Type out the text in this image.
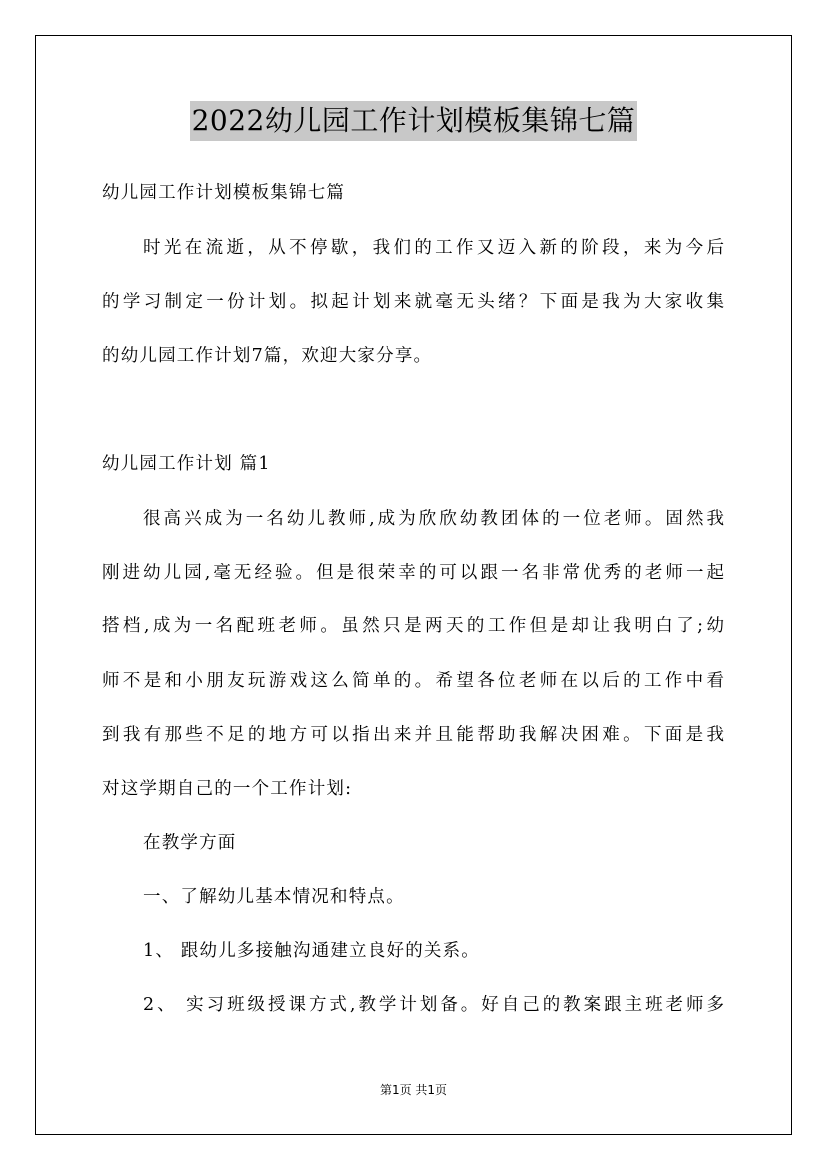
2022幼儿园工作计划模板集锦七篇
幼儿园工作计划模板集锦七篇
时光在流逝，从不停歇，我们的工作又迈入新的阶段，来为今后
的学习制定一份计划。拟起计划来就毫无头绪？下面是我为大家收集
的幼儿园工作计划7篇，欢迎大家分享。
幼儿园工作计划 篇1
很高兴成为一名幼儿教师,成为欣欣幼教团体的一位老师。固然我
刚进幼儿园,毫无经验。但是很荣幸的可以跟一名非常优秀的老师一起
搭档,成为一名配班老师。虽然只是两天的工作但是却让我明白了;幼
师不是和小朋友玩游戏这么简单的。希望各位老师在以后的工作中看
到我有那些不足的地方可以指出来并且能帮助我解决困难。下面是我
对这学期自己的一个工作计划:
在教学方面
一、了解幼儿基本情况和特点。
1、 跟幼儿多接触沟通建立良好的关系。
2、 实习班级授课方式,教学计划备。好自己的教案跟主班老师多
第1页 共1页
